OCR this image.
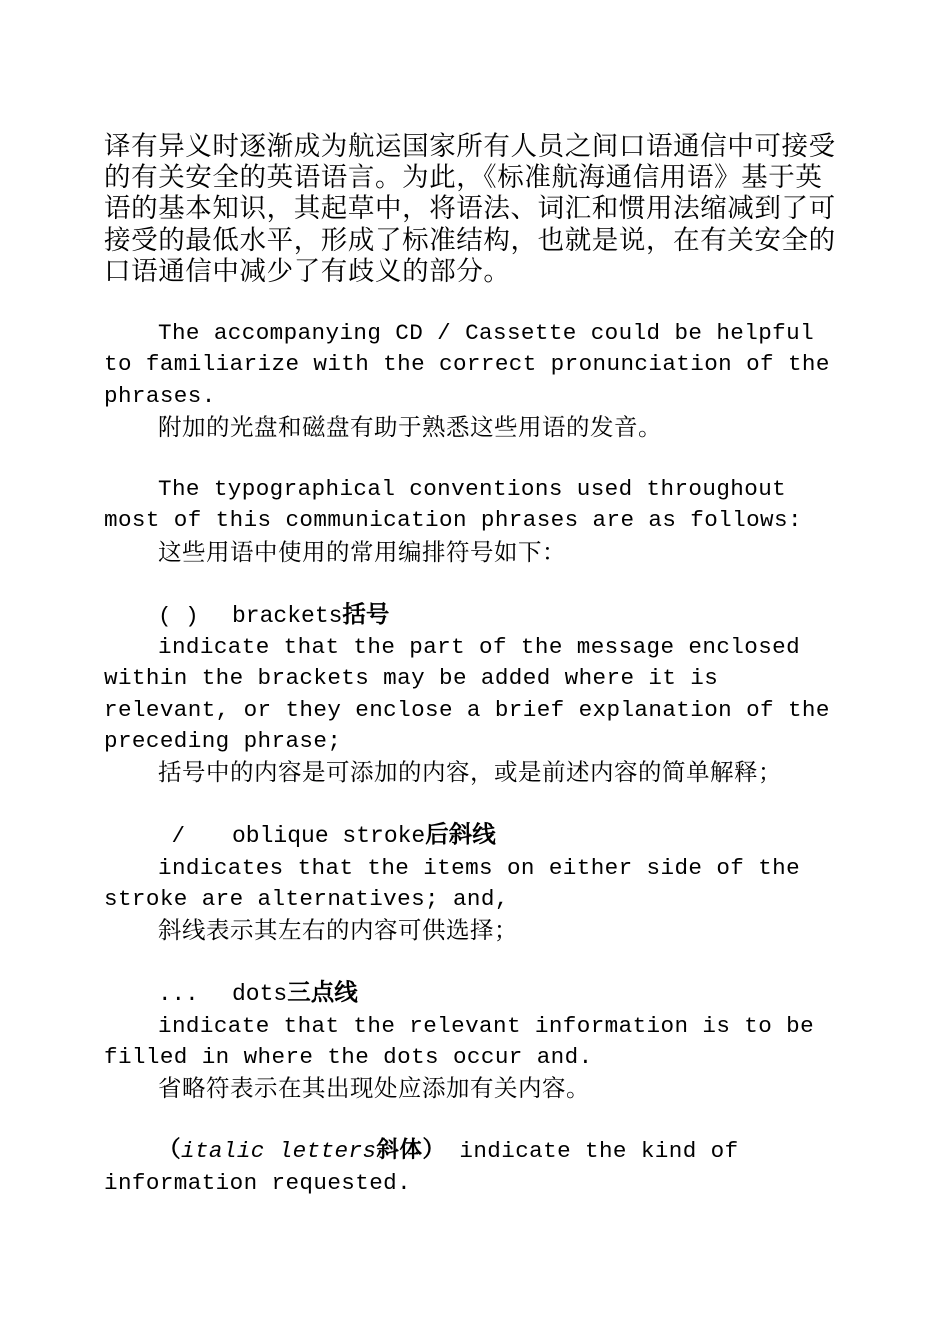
译有异义时逐渐成为航运国家所有人员之间口语通信中可接受的有关安全的英语语言。为此，《标准航海通信用语》基于英语的基本知识，其起草中，将语法、词汇和惯用法缩减到了可接受的最低水平，形成了标准结构，也就是说，在有关安全的口语通信中减少了有歧义的部分。

The accompanying CD / Cassette could be helpful to familiarize with the correct pronunciation of the phrases.

附加的光盘和磁盘有助于熟悉这些用语的发音。

The typographical conventions used throughout most of this communication phrases are as follows:

这些用语中使用的常用编排符号如下：

( ) brackets括号

indicate that the part of the message enclosed within the brackets may be added where it is relevant, or they enclose a brief explanation of the preceding phrase;

括号中的内容是可添加的内容，或是前述内容的简单解释；

/ oblique stroke后斜线

indicates that the items on either side of the stroke are alternatives; and,

斜线表示其左右的内容可供选择；

... dots三点线

indicate that the relevant information is to be filled in where the dots occur and.

省略符表示在其出现处应添加有关内容。

（italic letters斜体） indicate the kind of information requested.
